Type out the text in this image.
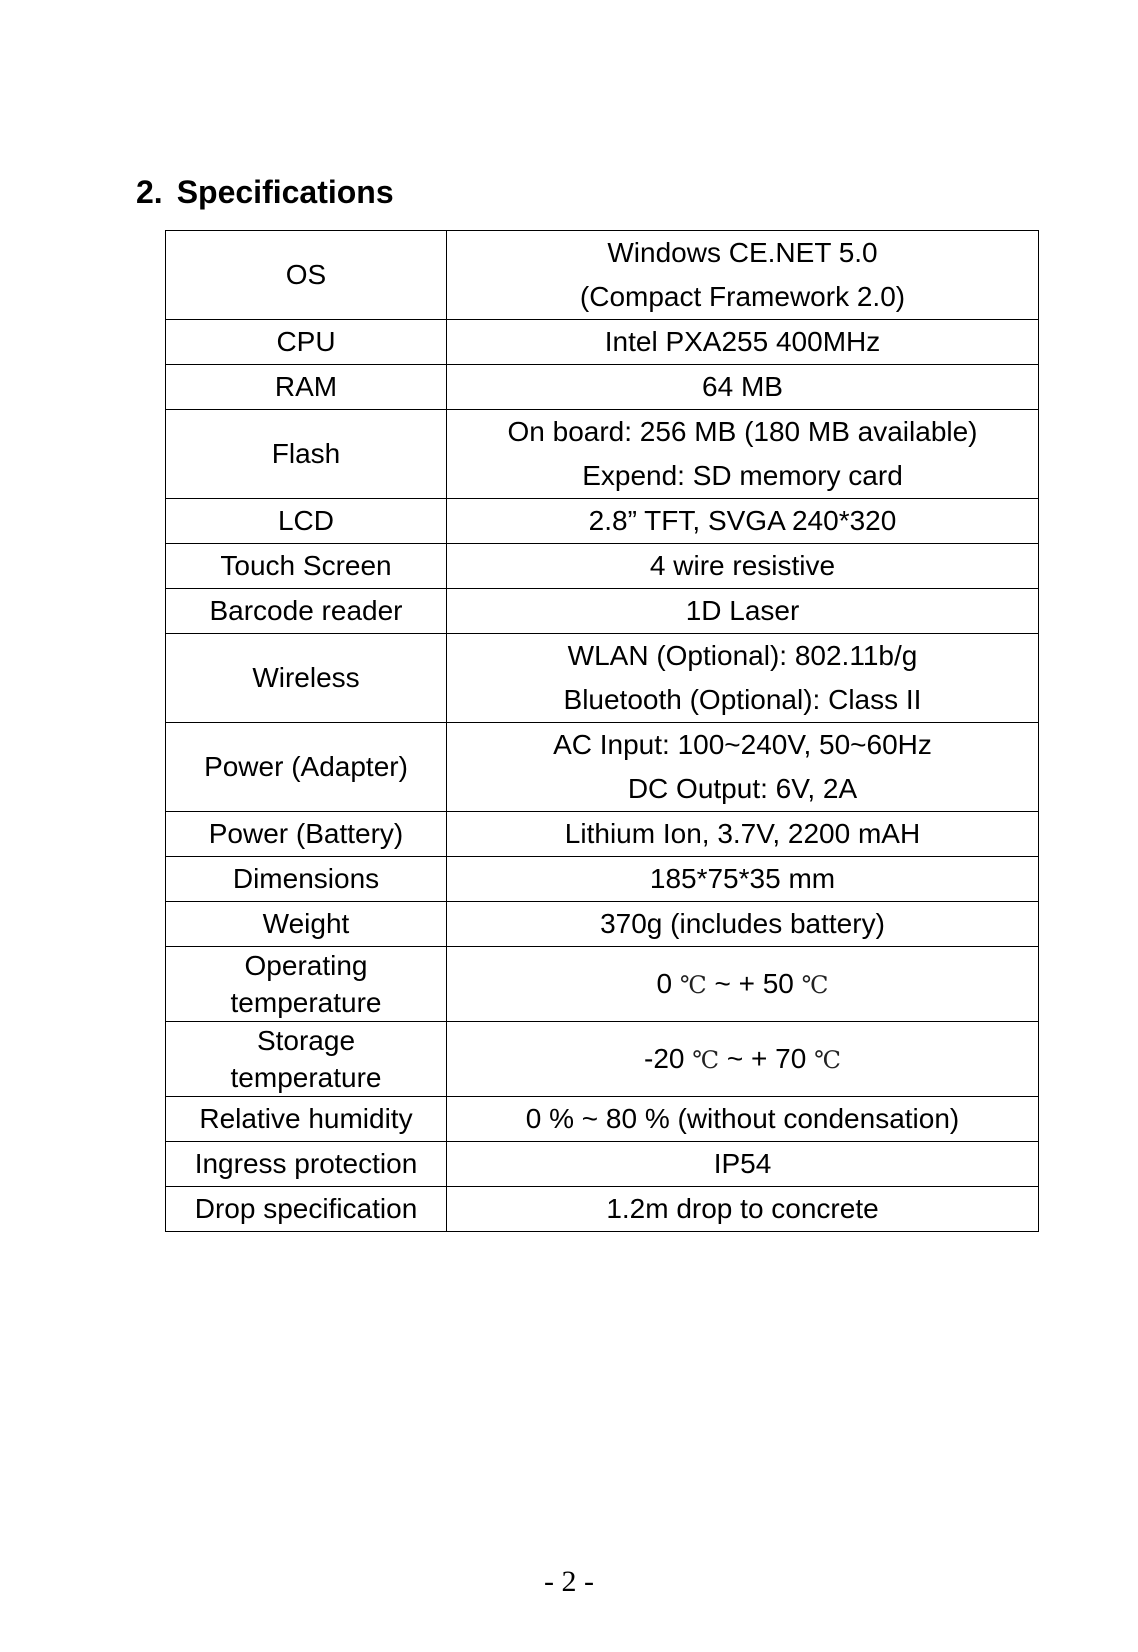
2. Specifications
OS	Windows CE.NET 5.0
(Compact Framework 2.0)

CPU	Intel PXA255 400MHz
RAM	64 MB
Flash	On board: 256 MB (180 MB available)
Expend: SD memory card

LCD	2.8” TFT, SVGA 240*320
Touch Screen	4 wire resistive
Barcode reader	1D Laser
Wireless	WLAN (Optional): 802.11b/g
Bluetooth (Optional): Class II

Power (Adapter)	AC Input: 100~240V, 50~60Hz
DC Output: 6V, 2A

Power (Battery)	Lithium Ion, 3.7V, 2200 mAH
Dimensions	185*75*35 mm
Weight	370g (includes battery)

Operating
temperature	0 ℃ ~ + 50 ℃

Storage
temperature	-20 ℃ ~ + 70 ℃
Relative humidity	0 % ~ 80 % (without condensation)
Ingress protection	IP54
Drop specification	1.2m drop to concrete
- 2 -
